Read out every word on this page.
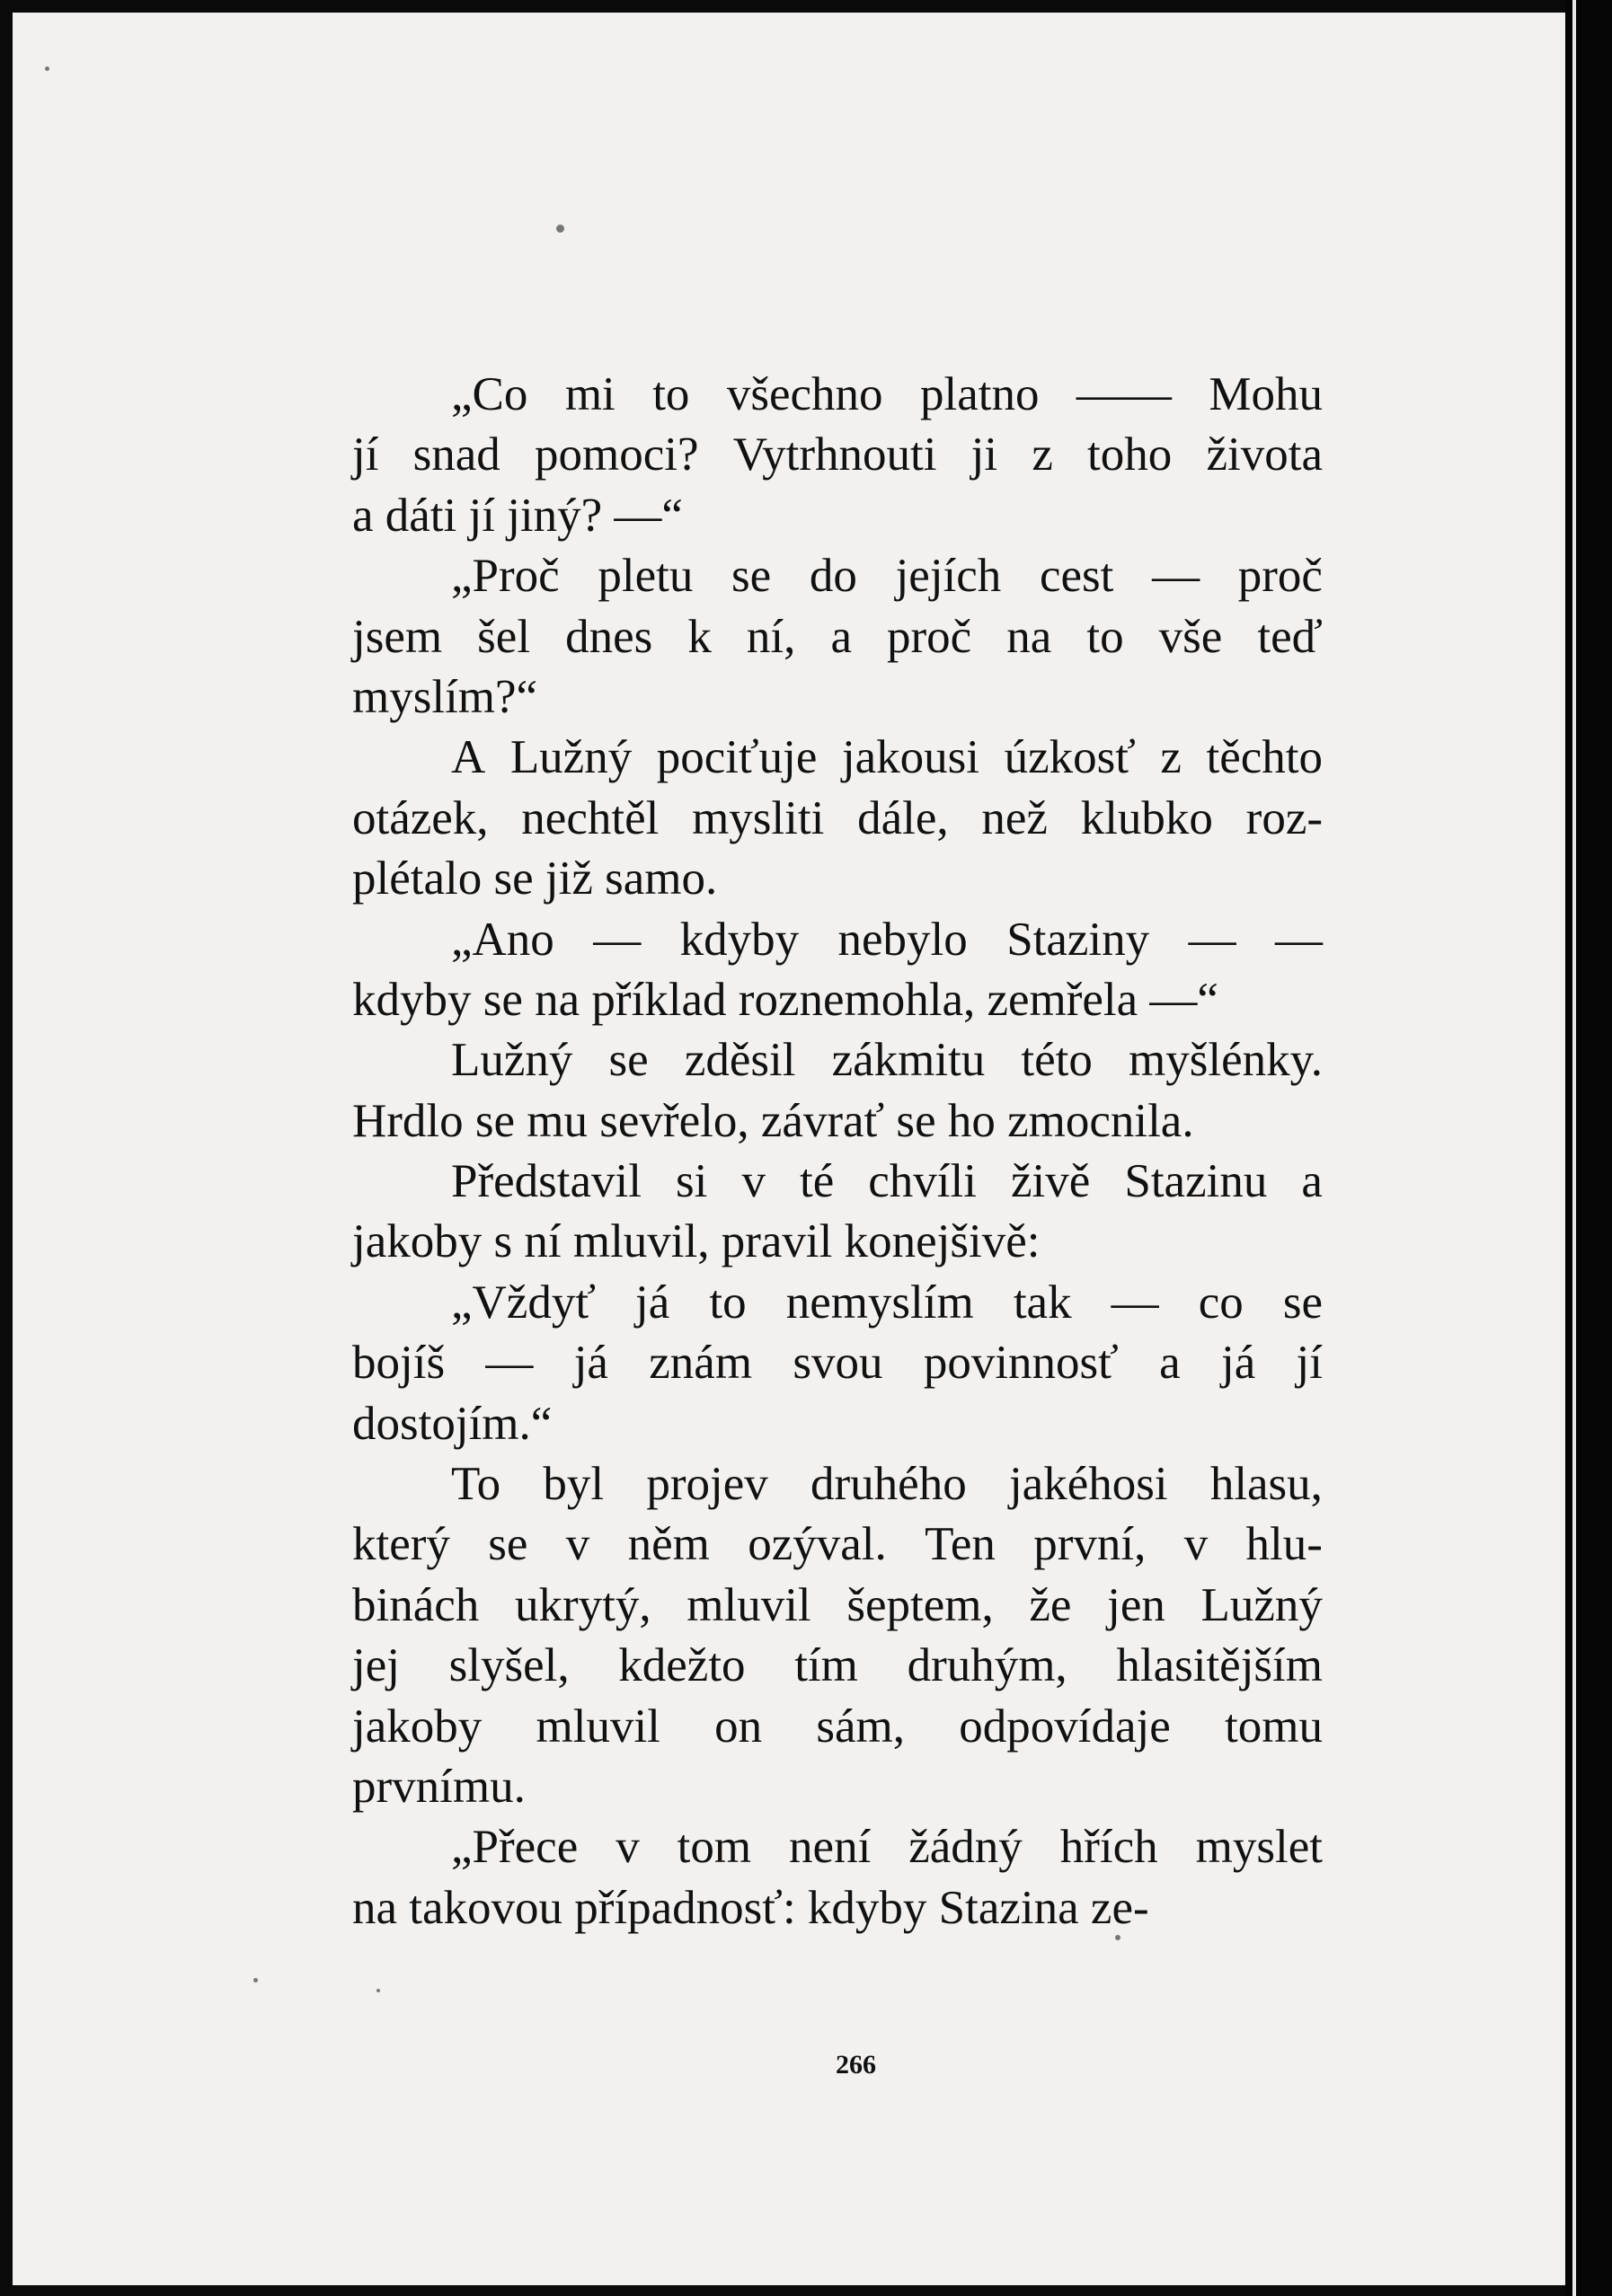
„Co mi to všechno platno —— Mohu
jí snad pomoci? Vytrhnouti ji z toho života
a dáti jí jiný? —“
„Proč pletu se do jejích cest — proč
jsem šel dnes k ní, a proč na to vše teď
myslím?“
A Lužný pociťuje jakousi úzkosť z těchto
otázek, nechtěl mysliti dále, než klubko roz-
plétalo se již samo.
„Ano — kdyby nebylo Staziny — —
kdyby se na příklad roznemohla, zemřela —“
Lužný se zděsil zákmitu této myšlénky.
Hrdlo se mu sevřelo, závrať se ho zmocnila.
Představil si v té chvíli živě Stazinu a
jakoby s ní mluvil, pravil konejšivě:
„Vždyť já to nemyslím tak — co se
bojíš — já znám svou povinnosť a já jí
dostojím.“
To byl projev druhého jakéhosi hlasu,
který se v něm ozýval. Ten první, v hlu-
binách ukrytý, mluvil šeptem, že jen Lužný
jej slyšel, kdežto tím druhým, hlasitějším
jakoby mluvil on sám, odpovídaje tomu
prvnímu.
„Přece v tom není žádný hřích myslet
na takovou případnosť: kdyby Stazina ze-
266
